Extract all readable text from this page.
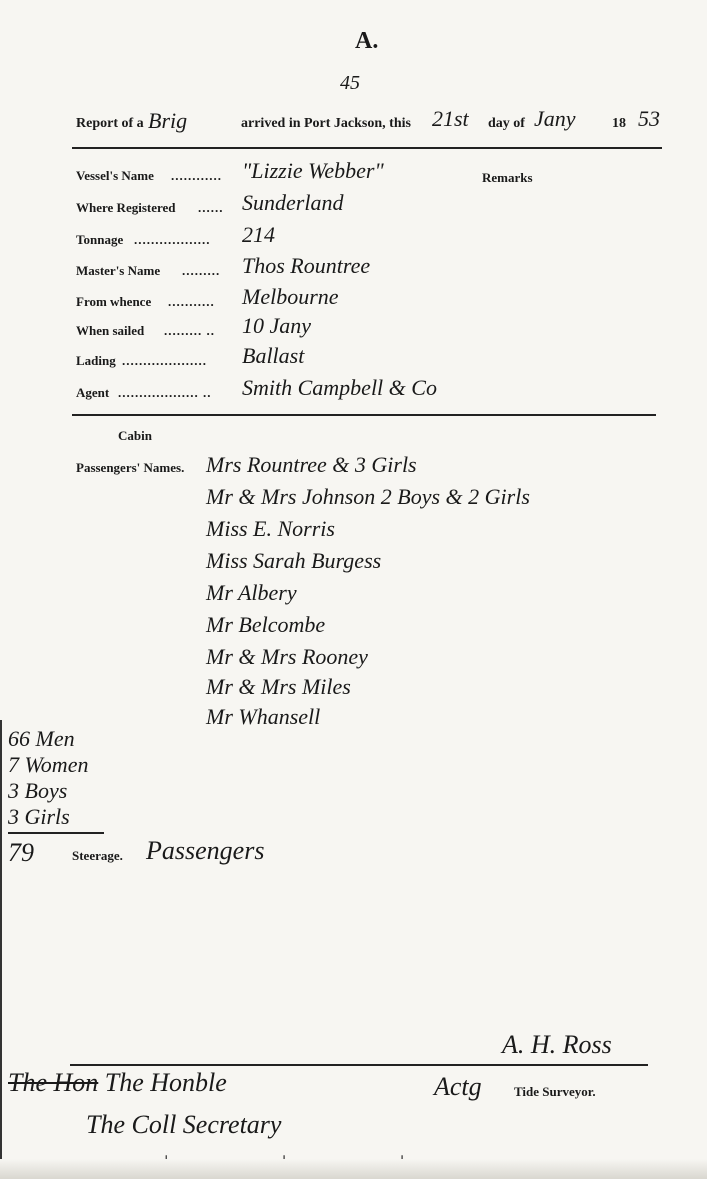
A.
45
Report of a Brig	arrived in Port Jackson, this 21st day of Jany	18 53
Vessel's Name ............ "Lizzie Webber"	Remarks
Where Registered ...... Sunderland
Tonnage .................. 214
Master's Name ......... Thos Rountree
From whence ........... Melbourne
When sailed ......... .. 10 Jany
Lading .................... Ballast
Agent ................... .. Smith Campbell & Co
Cabin
Passengers' Names. Mrs Rountree & 3 Girls
Mr & Mrs Johnson 2 Boys & 2 Girls
Miss E. Norris
Miss Sarah Burgess
Mr Albery
Mr Belcombe
Mr & Mrs Rooney
Mr & Mrs Miles
Mr Whansell
66 Men
7 Women
3 Boys
3 Girls
79	Steerage. Passengers
A. H. Ross
Actg Tide Surveyor.
The Hon The Honble
The Coll Secretary
